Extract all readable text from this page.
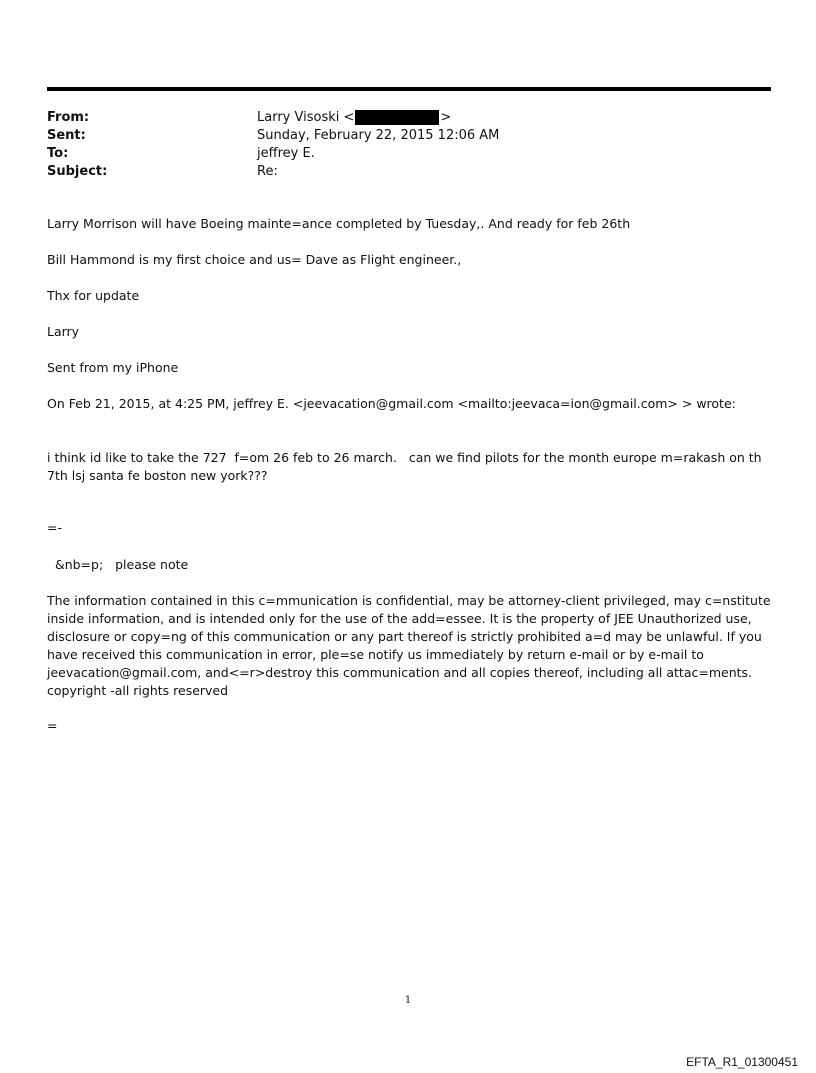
From:	Larry Visoski <	>
Sent:	Sunday, February 22, 2015 12:06 AM
To:	jeffrey E.
Subject:	Re:
Larry Morrison will have Boeing mainte=ance completed by Tuesday,. And ready for feb 26th
Bill Hammond is my first choice and us= Dave as Flight engineer.,
Thx for update
Larry
Sent from my iPhone
On Feb 21, 2015, at 4:25 PM, jeffrey E. <jeevacation@gmail.com <mailto:jeevaca=ion@gmail.com> > wrote:
i think id like to take the 727  f=om 26 feb to 26 march.   can we find pilots for the month europe m=rakash on th 7th lsj santa fe boston new york???
=-
&nb=p;   please note
The information contained in this c=mmunication is confidential, may be attorney-client privileged, may c=nstitute inside information, and is intended only for the use of the add=essee. It is the property of JEE Unauthorized use, disclosure or copy=ng of this communication or any part thereof is strictly prohibited a=d may be unlawful. If you have received this communication in error, ple=se notify us immediately by return e-mail or by e-mail to jeevacation@gmail.com, and<=r>destroy this communication and all copies thereof, including all attac=ments. copyright -all rights reserved
=
1
EFTA_R1_01300451
